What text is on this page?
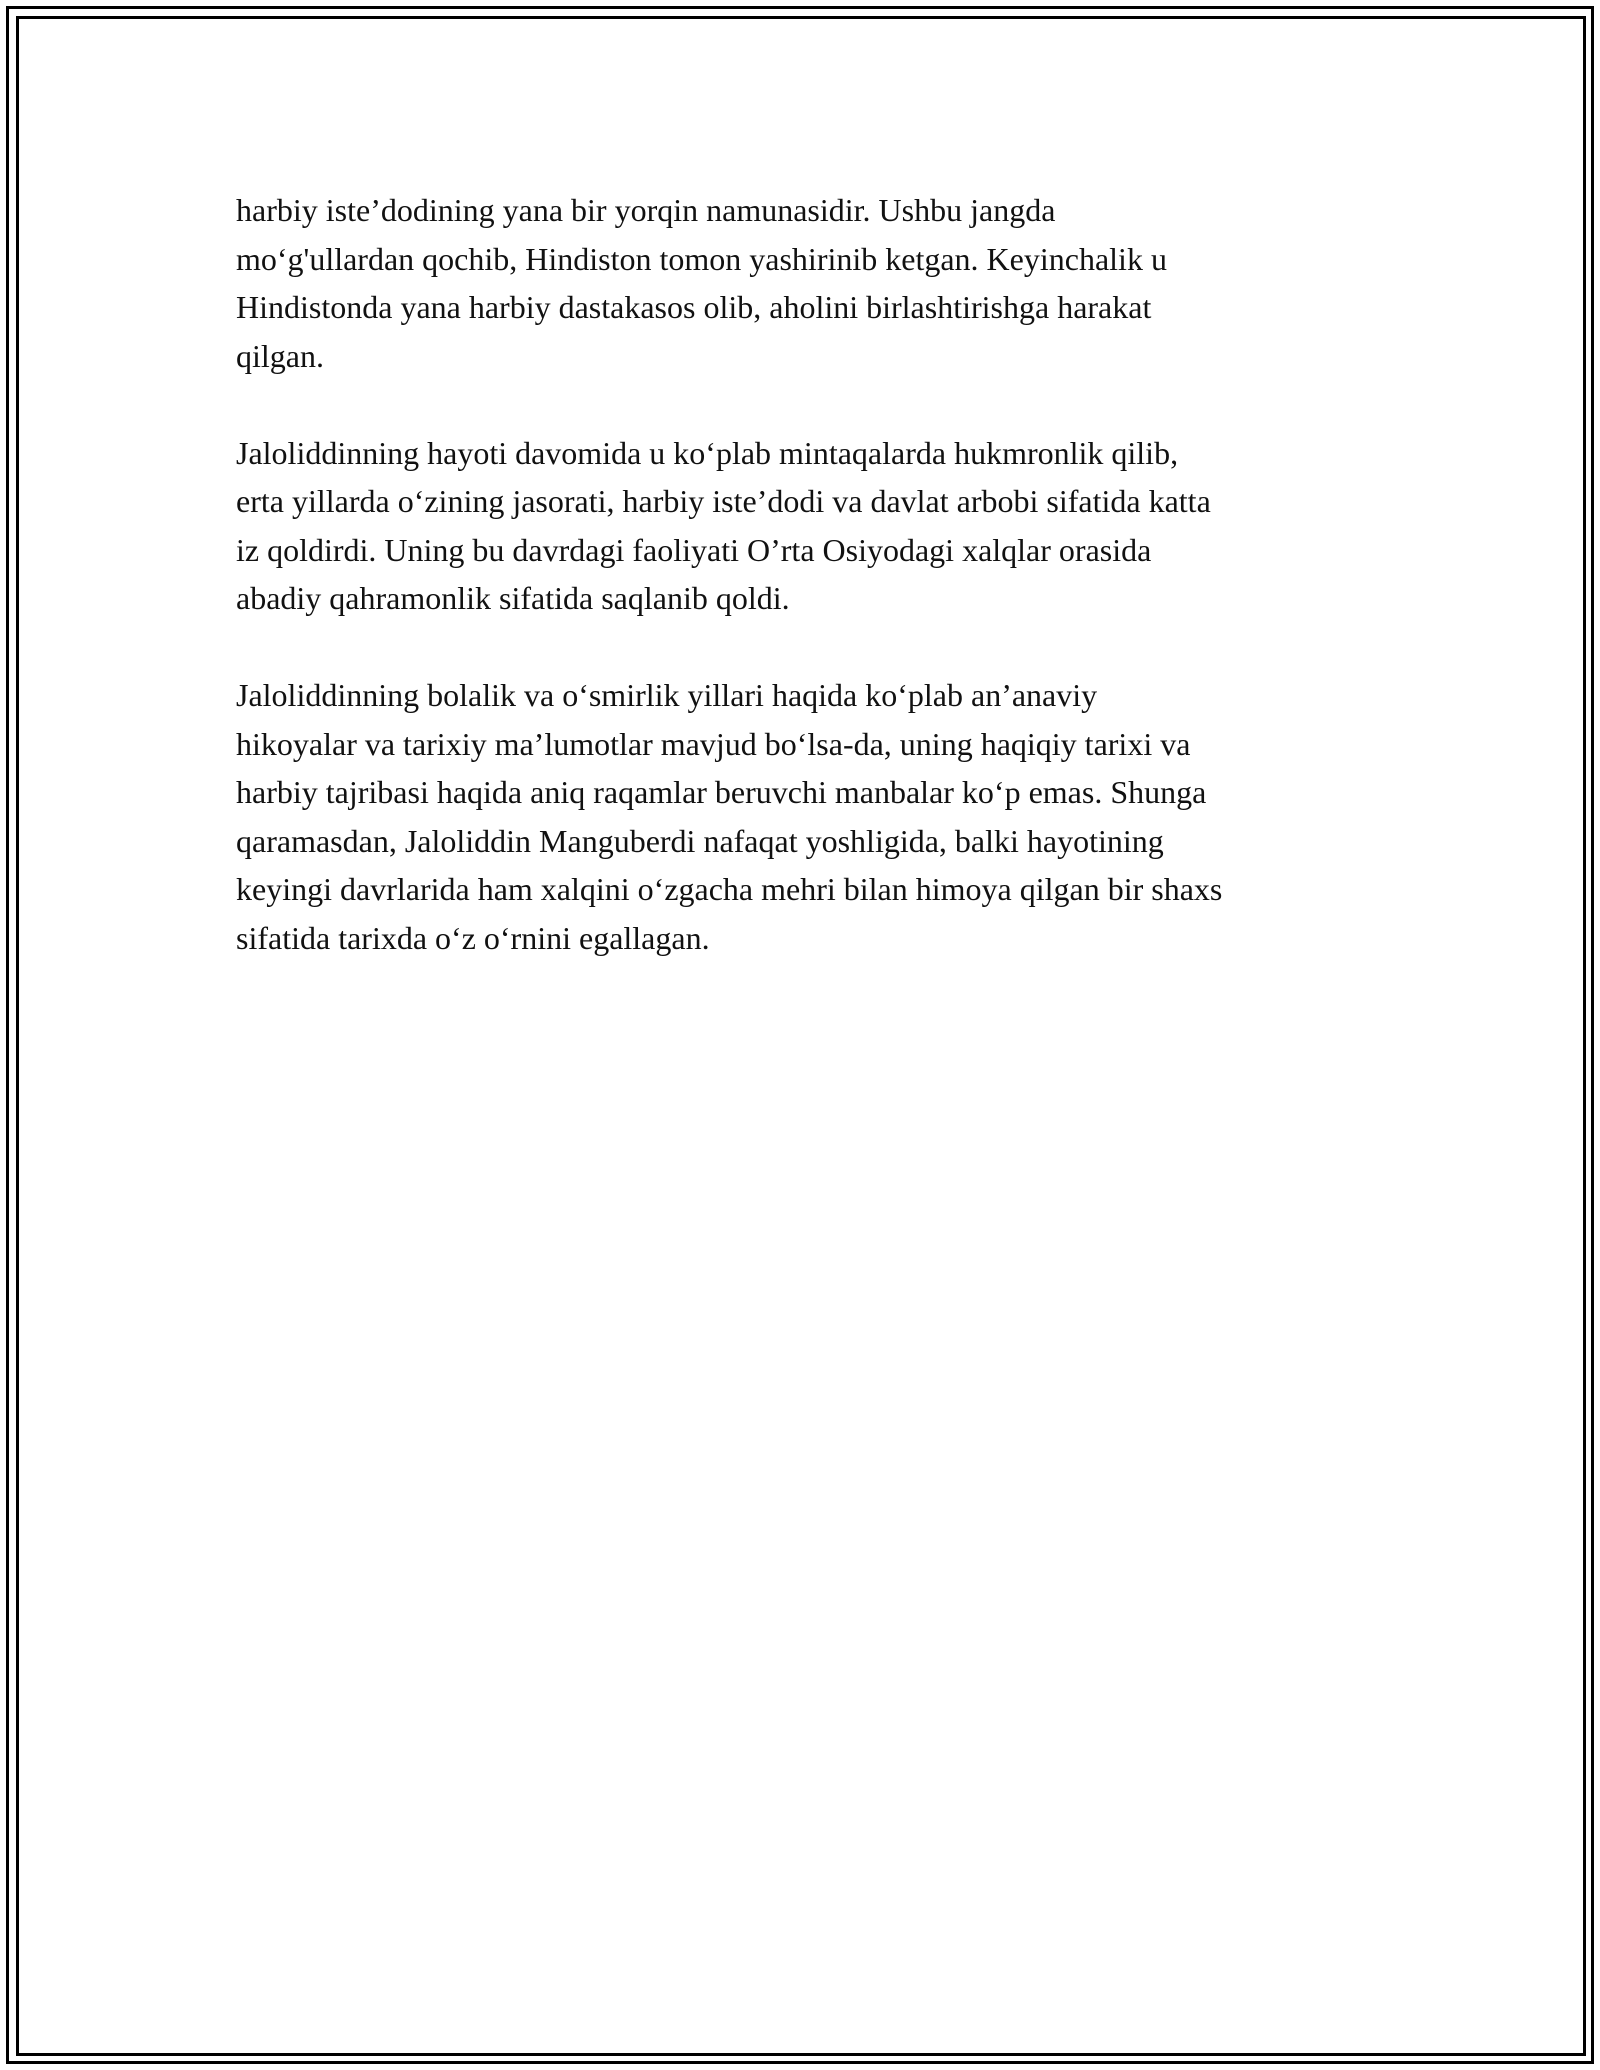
harbiy iste’dodining yana bir yorqin namunasidir. Ushbu jangda
mo‘g'ullardan qochib, Hindiston tomon yashirinib ketgan. Keyinchalik u
Hindistonda yana harbiy dastakasos olib, aholini birlashtirishga harakat
qilgan.
Jaloliddinning hayoti davomida u ko‘plab mintaqalarda hukmronlik qilib,
erta yillarda o‘zining jasorati, harbiy iste’dodi va davlat arbobi sifatida katta
iz qoldirdi. Uning bu davrdagi faoliyati O’rta Osiyodagi xalqlar orasida
abadiy qahramonlik sifatida saqlanib qoldi.
Jaloliddinning bolalik va o‘smirlik yillari haqida ko‘plab an’anaviy
hikoyalar va tarixiy ma’lumotlar mavjud bo‘lsa-da, uning haqiqiy tarixi va
harbiy tajribasi haqida aniq raqamlar beruvchi manbalar ko‘p emas. Shunga
qaramasdan, Jaloliddin Manguberdi nafaqat yoshligida, balki hayotining
keyingi davrlarida ham xalqini o‘zgacha mehri bilan himoya qilgan bir shaxs
sifatida tarixda o‘z o‘rnini egallagan.
